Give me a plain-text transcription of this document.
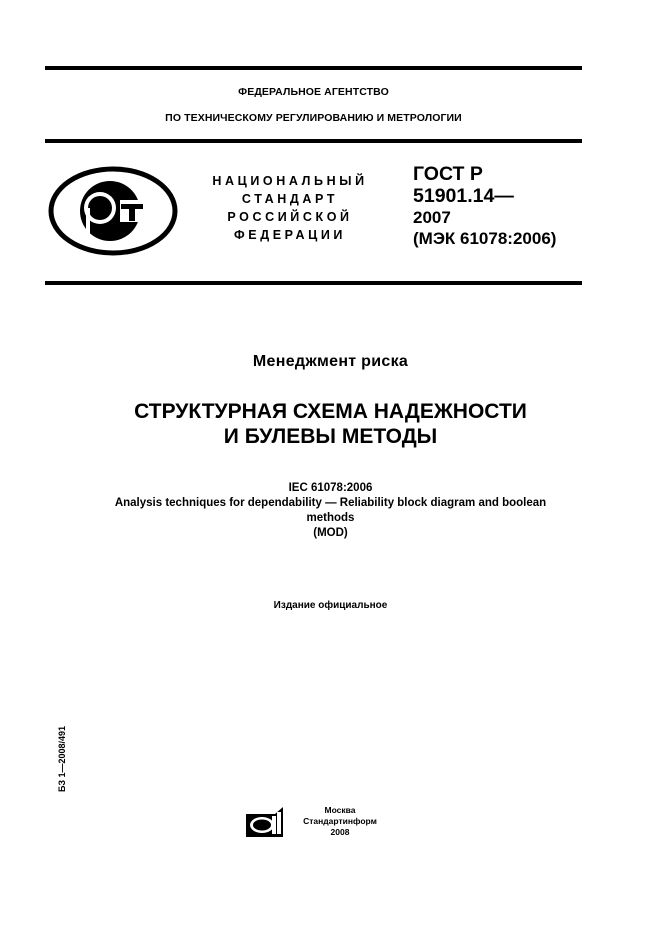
ФЕДЕРАЛЬНОЕ АГЕНТСТВО
ПО ТЕХНИЧЕСКОМУ РЕГУЛИРОВАНИЮ И МЕТРОЛОГИИ
НАЦИОНАЛЬНЫЙ
СТАНДАРТ
РОССИЙСКОЙ
ФЕДЕРАЦИИ
ГОСТ Р
51901.14—
2007
(МЭК 61078:2006)
Менеджмент риска
СТРУКТУРНАЯ СХЕМА НАДЕЖНОСТИ
И БУЛЕВЫ МЕТОДЫ
IEC 61078:2006
Analysis techniques for dependability — Reliability block diagram and boolean
methods
(MOD)
Издание официальное
БЗ 1—2008/491
Москва
Стандартинформ
2008
